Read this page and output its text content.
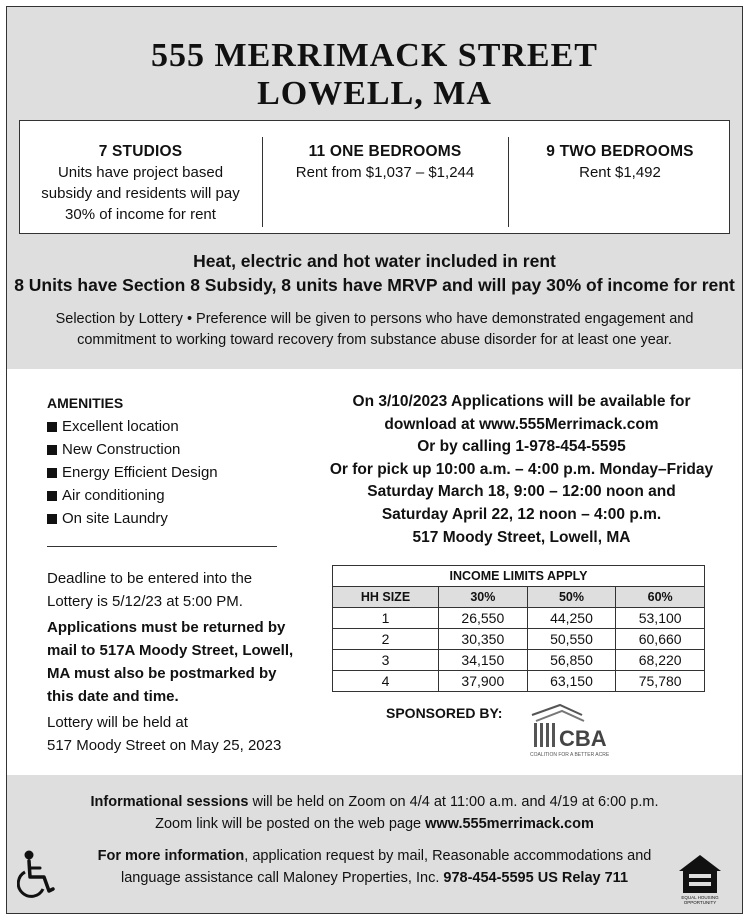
555 MERRIMACK STREET
LOWELL, MA
7 STUDIOS
Units have project based
subsidy and residents will pay
30% of income for rent
11 ONE BEDROOMS
Rent from $1,037 – $1,244
9 TWO BEDROOMS
Rent $1,492
Heat, electric and hot water included in rent
8 Units have Section 8 Subsidy, 8 units have MRVP and will pay 30% of income for rent
Selection by Lottery • Preference will be given to persons who have demonstrated engagement and
commitment to working toward recovery from substance abuse disorder for at least one year.
AMENITIES
Excellent location
New Construction
Energy Efficient Design
Air conditioning
On site Laundry
On 3/10/2023 Applications will be available for
download at www.555Merrimack.com
Or by calling 1-978-454-5595
Or for pick up 10:00 a.m. – 4:00 p.m. Monday–Friday
Saturday March 18, 9:00 – 12:00 noon and
Saturday April 22, 12 noon – 4:00 p.m.
517 Moody Street, Lowell, MA
Deadline to be entered into the
Lottery is 5/12/23 at 5:00 PM.
Applications must be returned by
mail to 517A Moody Street, Lowell,
MA must also be postmarked by
this date and time.
Lottery will be held at
517 Moody Street on May 25, 2023
INCOME LIMITS APPLY			
HH SIZE	30%	50%	60%
1	26,550	44,250	53,100
2	30,350	50,550	60,660
3	34,150	56,850	68,220
4	37,900	63,150	75,780
SPONSORED BY:
CBA
COALITION FOR A BETTER ACRE
Informational sessions will be held on Zoom on 4/4 at 11:00 a.m. and 4/19 at 6:00 p.m.
Zoom link will be posted on the web page www.555merrimack.com
For more information, application request by mail, Reasonable accommodations and
language assistance call Maloney Properties, Inc. 978-454-5595 US Relay 711
EQUAL HOUSING
OPPORTUNITY
